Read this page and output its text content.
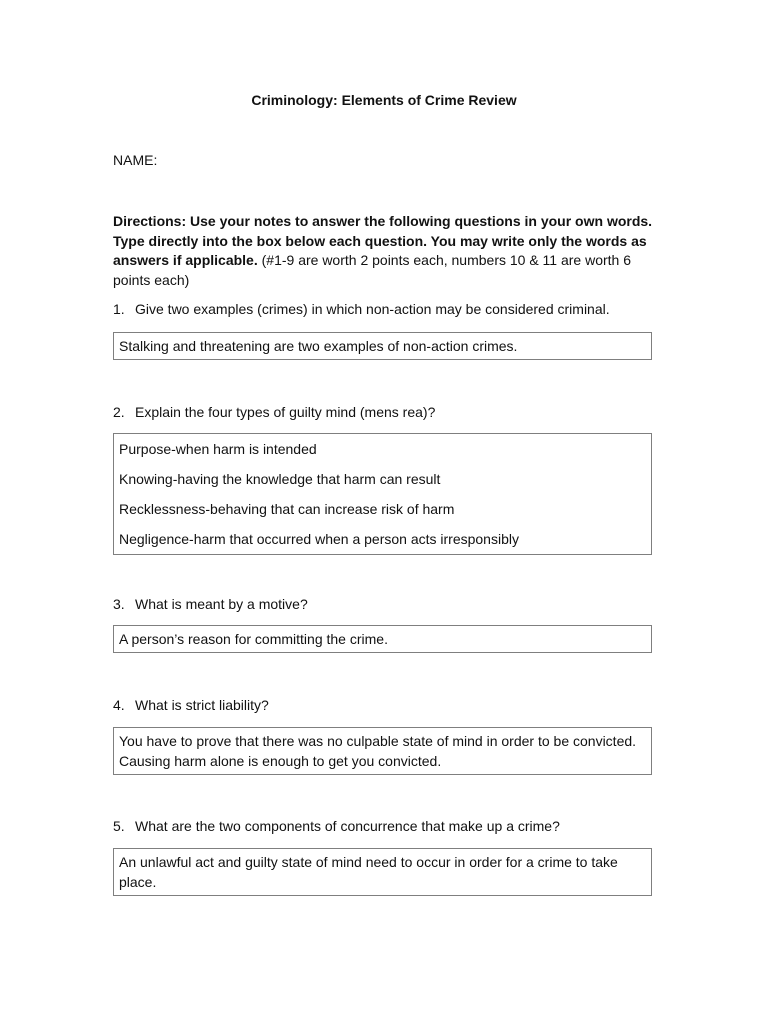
Criminology: Elements of Crime Review
NAME:
Directions: Use your notes to answer the following questions in your own words. Type directly into the box below each question. You may write only the words as answers if applicable. (#1-9 are worth 2 points each, numbers 10 & 11 are worth 6 points each)
1. Give two examples (crimes) in which non-action may be considered criminal.
Stalking and threatening are two examples of non-action crimes.
2. Explain the four types of guilty mind (mens rea)?
Purpose-when harm is intended
Knowing-having the knowledge that harm can result
Recklessness-behaving that can increase risk of harm
Negligence-harm that occurred when a person acts irresponsibly
3. What is meant by a motive?
A person’s reason for committing the crime.
4. What is strict liability?
You have to prove that there was no culpable state of mind in order to be convicted. Causing harm alone is enough to get you convicted.
5. What are the two components of concurrence that make up a crime?
An unlawful act and guilty state of mind need to occur in order for a crime to take place.
